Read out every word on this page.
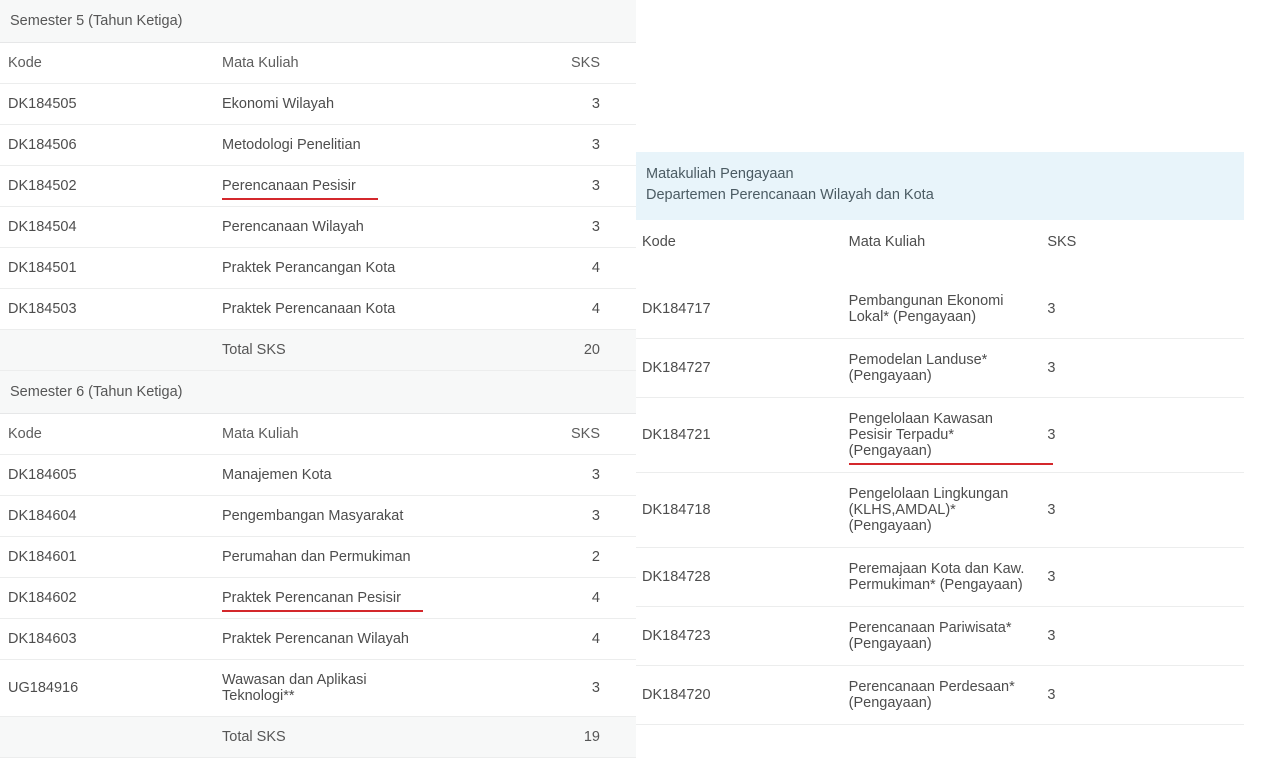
Semester 5 (Tahun Ketiga)		
Kode	Mata Kuliah	SKS
DK184505	Ekonomi Wilayah	3
DK184506	Metodologi Penelitian	3
DK184502	Perencanaan Pesisir	3
DK184504	Perencanaan Wilayah	3
DK184501	Praktek Perancangan Kota	4
DK184503	Praktek Perencanaan Kota	4
	Total SKS	20
Semester 6 (Tahun Ketiga)		
Kode	Mata Kuliah	SKS
DK184605	Manajemen Kota	3
DK184604	Pengembangan Masyarakat	3
DK184601	Perumahan dan Permukiman	2
DK184602	Praktek Perencanan Pesisir	4
DK184603	Praktek Perencanan Wilayah	4
UG184916	Wawasan dan Aplikasi Teknologi**	3
	Total SKS	19
Matakuliah Pengayaan
Departemen Perencanaan Wilayah dan Kota		

Kode	Mata Kuliah	SKS
DK184717	Pembangunan Ekonomi Lokal* (Pengayaan)	3
DK184727	Pemodelan Landuse* (Pengayaan)	3
DK184721	Pengelolaan Kawasan Pesisir Terpadu* (Pengayaan)	3
DK184718	Pengelolaan Lingkungan (KLHS,AMDAL)* (Pengayaan)	3
DK184728	Peremajaan Kota dan Kaw. Permukiman* (Pengayaan)	3
DK184723	Perencanaan Pariwisata* (Pengayaan)	3
DK184720	Perencanaan Perdesaan* (Pengayaan)	3
